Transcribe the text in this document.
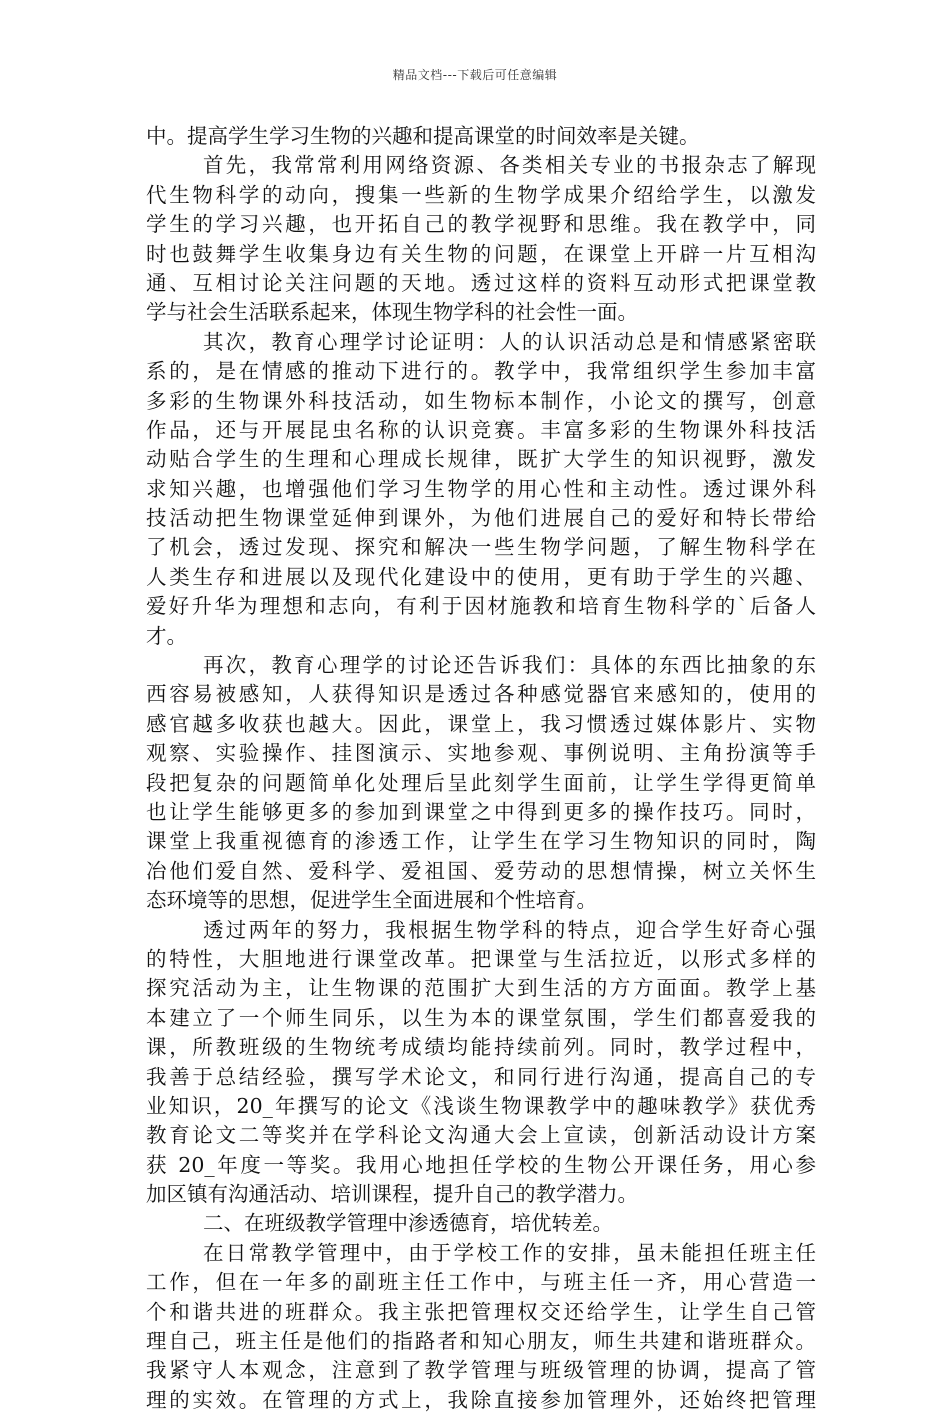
精品文档---下载后可任意编辑
中。提高学生学习生物的兴趣和提高课堂的时间效率是关键。
首先，我常常利用网络资源、各类相关专业的书报杂志了解现
代生物科学的动向，搜集一些新的生物学成果介绍给学生，以激发
学生的学习兴趣，也开拓自己的教学视野和思维。我在教学中，同
时也鼓舞学生收集身边有关生物的问题，在课堂上开辟一片互相沟
通、互相讨论关注问题的天地。透过这样的资料互动形式把课堂教
学与社会生活联系起来，体现生物学科的社会性一面。
其次，教育心理学讨论证明：人的认识活动总是和情感紧密联
系的，是在情感的推动下进行的。教学中，我常组织学生参加丰富
多彩的生物课外科技活动，如生物标本制作，小论文的撰写，创意
作品，还与开展昆虫名称的认识竞赛。丰富多彩的生物课外科技活
动贴合学生的生理和心理成长规律，既扩大学生的知识视野，激发
求知兴趣，也增强他们学习生物学的用心性和主动性。透过课外科
技活动把生物课堂延伸到课外，为他们进展自己的爱好和特长带给
了机会，透过发现、探究和解决一些生物学问题，了解生物科学在
人类生存和进展以及现代化建设中的使用，更有助于学生的兴趣、
爱好升华为理想和志向，有利于因材施教和培育生物科学的`后备人
才。
再次，教育心理学的讨论还告诉我们：具体的东西比抽象的东
西容易被感知，人获得知识是透过各种感觉器官来感知的，使用的
感官越多收获也越大。因此，课堂上，我习惯透过媒体影片、实物
观察、实验操作、挂图演示、实地参观、事例说明、主角扮演等手
段把复杂的问题简单化处理后呈此刻学生面前，让学生学得更简单
也让学生能够更多的参加到课堂之中得到更多的操作技巧。同时，
课堂上我重视德育的渗透工作，让学生在学习生物知识的同时，陶
冶他们爱自然、爱科学、爱祖国、爱劳动的思想情操，树立关怀生
态环境等的思想，促进学生全面进展和个性培育。
透过两年的努力，我根据生物学科的特点，迎合学生好奇心强
的特性，大胆地进行课堂改革。把课堂与生活拉近，以形式多样的
探究活动为主，让生物课的范围扩大到生活的方方面面。教学上基
本建立了一个师生同乐，以生为本的课堂氛围，学生们都喜爱我的
课，所教班级的生物统考成绩均能持续前列。同时，教学过程中，
我善于总结经验，撰写学术论文，和同行进行沟通，提高自己的专
业知识，20_年撰写的论文《浅谈生物课教学中的趣味教学》获优秀
教育论文二等奖并在学科论文沟通大会上宣读，创新活动设计方案
获 20_年度一等奖。我用心地担任学校的生物公开课任务，用心参
加区镇有沟通活动、培训课程，提升自己的教学潜力。
二、在班级教学管理中渗透德育，培优转差。
在日常教学管理中，由于学校工作的安排，虽未能担任班主任
工作，但在一年多的副班主任工作中，与班主任一齐，用心营造一
个和谐共进的班群众。我主张把管理权交还给学生，让学生自己管
理自己，班主任是他们的指路者和知心朋友，师生共建和谐班群众。
我紧守人本观念，注意到了教学管理与班级管理的协调，提高了管
理的实效。在管理的方式上，我除直接参加管理外，还始终把管理
